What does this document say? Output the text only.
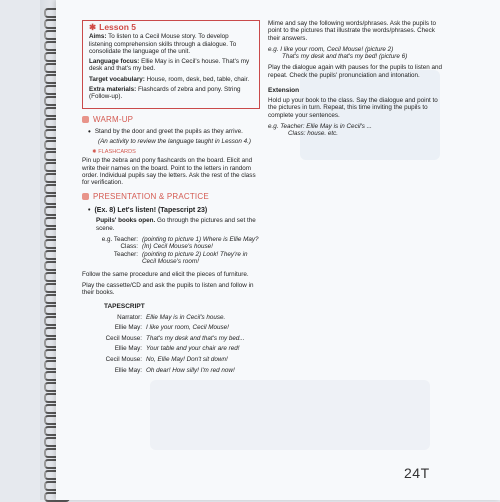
✱ Lesson 5

Aims: To listen to a Cecil Mouse story. To develop listening comprehension skills through a dialogue. To consolidate the language of the unit.

Language focus: Ellie May is in Cecil's house. That's my desk and that's my bed.

Target vocabulary: House, room, desk, bed, table, chair.

Extra materials: Flashcards of zebra and pony. String (Follow-up).

WARM-UP
• Stand by the door and greet the pupils as they arrive.

(An activity to review the language taught in Lesson 4.)

✸ FLASHCARDS

Pin up the zebra and pony flashcards on the board. Elicit and write their names on the board. Point to the letters in random order. Individual pupils say the letters. Ask the rest of the class for verification.

PRESENTATION & PRACTICE
• (Ex. 8) Let's listen! (Tapescript 23)

Pupils' books open. Go through the pictures and set the scene.

e.g. Teacher: (pointing to picture 1) Where is Ellie May?
Class: (In) Cecil Mouse's house!
Teacher: (pointing to picture 2) Look! They're in Cecil Mouse's room!

Follow the same procedure and elicit the pieces of furniture.

Play the cassette/CD and ask the pupils to listen and follow in their books.

TAPESCRIPT
Narrator: Ellie May is in Cecil's house.
Ellie May: I like your room, Cecil Mouse!
Cecil Mouse: That's my desk and that's my bed...
Ellie May: Your table and your chair are red!
Cecil Mouse: No, Ellie May! Don't sit down!
Ellie May: Oh dear! How silly! I'm red now!

Mime and say the following words/phrases. Ask the pupils to point to the pictures that illustrate the words/phrases. Check their answers.

e.g. I like your room, Cecil Mouse! (picture 2)

That's my desk and that's my bed! (picture 6)

Play the dialogue again with pauses for the pupils to listen and repeat. Check the pupils' pronunciation and intonation.

Extension

Hold up your book to the class. Say the dialogue and point to the pictures in turn. Repeat, this time inviting the pupils to complete your sentences.

e.g. Teacher: Ellie May is in Cecil's ...

Class: house. etc.

24T
